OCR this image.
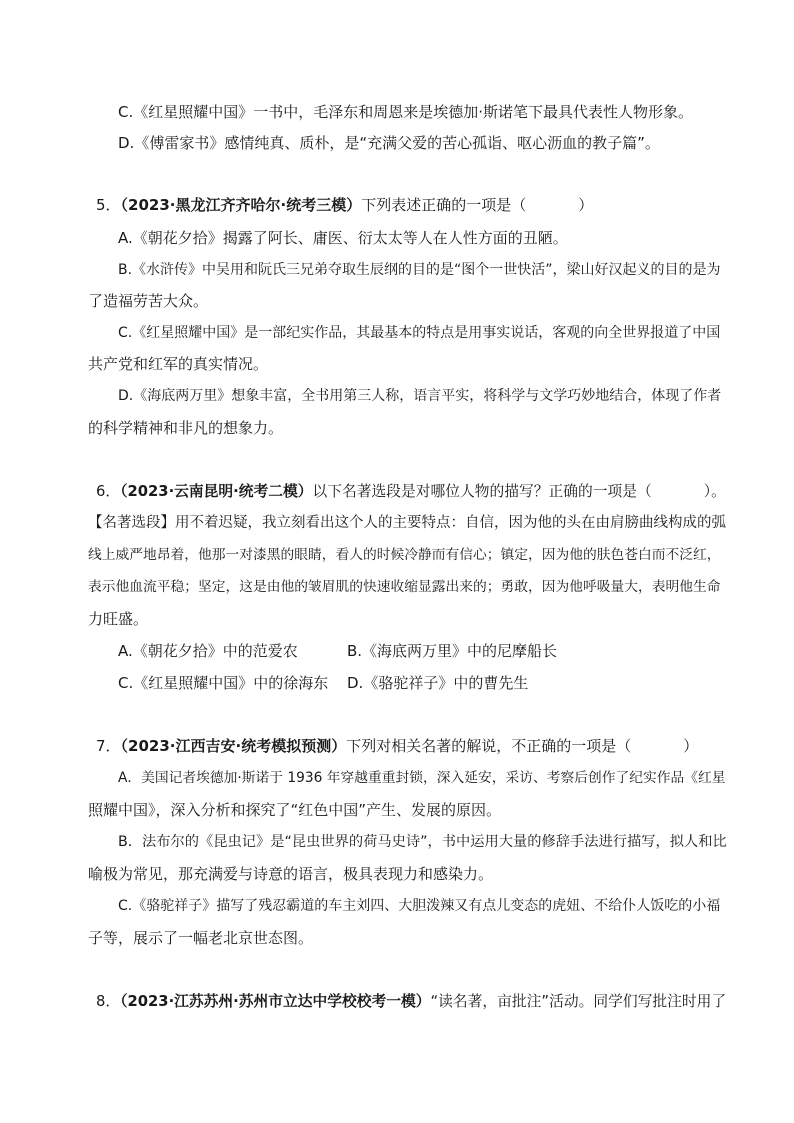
C.《红星照耀中国》一书中，毛泽东和周恩来是埃德加·斯诺笔下最具代表性人物形象。
D.《傅雷家书》感情纯真、质朴，是“充满父爱的苦心孤诣、呕心沥血的教子篇”。
5．（2023·黑龙江齐齐哈尔·统考三模）下列表述正确的一项是（	）
A.《朝花夕拾》揭露了阿长、庸医、衍太太等人在人性方面的丑陋。
B.《水浒传》中吴用和阮氏三兄弟夺取生辰纲的目的是“图个一世快活”，梁山好汉起义的目的是为
了造福劳苦大众。
C.《红星照耀中国》是一部纪实作品，其最基本的特点是用事实说话，客观的向全世界报道了中国
共产党和红军的真实情况。
D.《海底两万里》想象丰富，全书用第三人称，语言平实，将科学与文学巧妙地结合，体现了作者
的科学精神和非凡的想象力。
6．（2023·云南昆明·统考二模）以下名著选段是对哪位人物的描写？正确的一项是（	）。
【名著选段】用不着迟疑，我立刻看出这个人的主要特点：自信，因为他的头在由肩膀曲线构成的弧
线上威严地昂着，他那一对漆黑的眼睛，看人的时候冷静而有信心；镇定，因为他的肤色苍白而不泛红，
表示他血流平稳；坚定，这是由他的皱眉肌的快速收缩显露出来的；勇敢，因为他呼吸量大，表明他生命
力旺盛。
A.《朝花夕拾》中的范爱农	B.《海底两万里》中的尼摩船长
C.《红星照耀中国》中的徐海东 D.《骆驼祥子》中的曹先生
7．（2023·江西吉安·统考模拟预测）下列对相关名著的解说，不正确的一项是（	）
A．美国记者埃德加·斯诺于 1936 年穿越重重封锁，深入延安，采访、考察后创作了纪实作品《红星
照耀中国》，深入分析和探究了“红色中国”产生、发展的原因。
B．法布尔的《昆虫记》是“昆虫世界的荷马史诗”，书中运用大量的修辞手法进行描写，拟人和比
喻极为常见，那充满爱与诗意的语言，极具表现力和感染力。
C.《骆驼祥子》描写了残忍霸道的车主刘四、大胆泼辣又有点儿变态的虎妞、不给仆人饭吃的小福
子等，展示了一幅老北京世态图。
8．（2023·江苏苏州·苏州市立达中学校校考一模）“读名著，亩批注”活动。同学们写批注时用了
